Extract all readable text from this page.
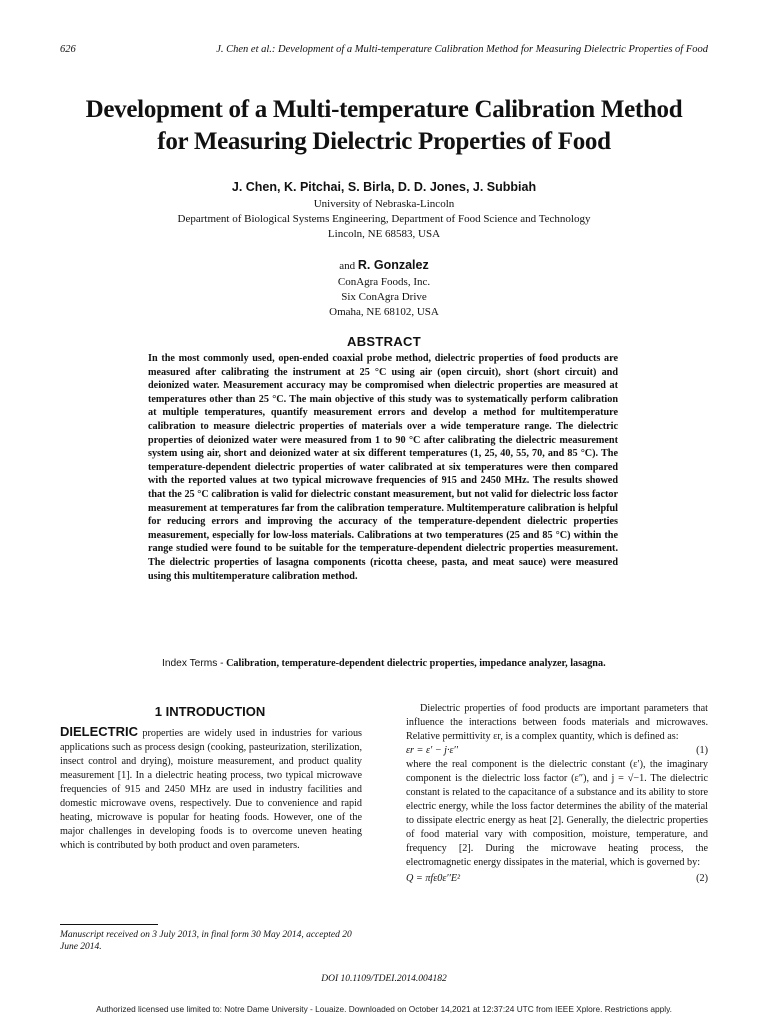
626	J. Chen et al.: Development of a Multi-temperature Calibration Method for Measuring Dielectric Properties of Food
Development of a Multi-temperature Calibration Method
for Measuring Dielectric Properties of Food
J. Chen, K. Pitchai, S. Birla, D. D. Jones, J. Subbiah
University of Nebraska-Lincoln
Department of Biological Systems Engineering, Department of Food Science and Technology
Lincoln, NE 68583, USA
and R. Gonzalez
ConAgra Foods, Inc.
Six ConAgra Drive
Omaha, NE 68102, USA
ABSTRACT
In the most commonly used, open-ended coaxial probe method, dielectric properties of food products are measured after calibrating the instrument at 25 °C using air (open circuit), short (short circuit) and deionized water. Measurement accuracy may be compromised when dielectric properties are measured at temperatures other than 25 °C. The main objective of this study was to systematically perform calibration at multiple temperatures, quantify measurement errors and develop a method for multitemperature calibration to measure dielectric properties of materials over a wide temperature range. The dielectric properties of deionized water were measured from 1 to 90 °C after calibrating the dielectric measurement system using air, short and deionized water at six different temperatures (1, 25, 40, 55, 70, and 85 °C). The temperature-dependent dielectric properties of water calibrated at six temperatures were then compared with the reported values at two typical microwave frequencies of 915 and 2450 MHz. The results showed that the 25 °C calibration is valid for dielectric constant measurement, but not valid for dielectric loss factor measurement at temperatures far from the calibration temperature. Multitemperature calibration is helpful for reducing errors and improving the accuracy of the temperature-dependent dielectric properties measurement, especially for low-loss materials. Calibrations at two temperatures (25 and 85 °C) within the range studied were found to be suitable for the temperature-dependent dielectric properties measurement. The dielectric properties of lasagna components (ricotta cheese, pasta, and meat sauce) were measured using this multitemperature calibration method.
Index Terms - Calibration, temperature-dependent dielectric properties, impedance analyzer, lasagna.
1 INTRODUCTION
DIELECTRIC properties are widely used in industries for various applications such as process design (cooking, pasteurization, sterilization, insect control and drying), moisture measurement, and product quality measurement [1]. In a dielectric heating process, two typical microwave frequencies of 915 and 2450 MHz are used in industry facilities and domestic microwave ovens, respectively. Due to convenience and rapid heating, microwave is popular for heating foods. However, one of the major challenges in developing foods is to overcome uneven heating which is contributed by both product and oven parameters.
Dielectric properties of food products are important parameters that influence the interactions between foods materials and microwaves. Relative permittivity εr, is a complex quantity, which is defined as:
εr = ε′ − j·ε′′	(1)
where the real component is the dielectric constant (ε′), the imaginary component is the dielectric loss factor (ε″), and j = √−1. The dielectric constant is related to the capacitance of a substance and its ability to store electric energy, while the loss factor determines the ability of the material to dissipate electric energy as heat [2]. Generally, the dielectric properties of food material vary with composition, moisture, temperature, and frequency [2]. During the microwave heating process, the electromagnetic energy dissipates in the material, which is governed by:
Q = πfε0ε′′E²	(2)
Manuscript received on 3 July 2013, in final form 30 May 2014, accepted 20 June 2014.
DOI 10.1109/TDEI.2014.004182
Authorized licensed use limited to: Notre Dame University - Louaize. Downloaded on October 14,2021 at 12:37:24 UTC from IEEE Xplore. Restrictions apply.
